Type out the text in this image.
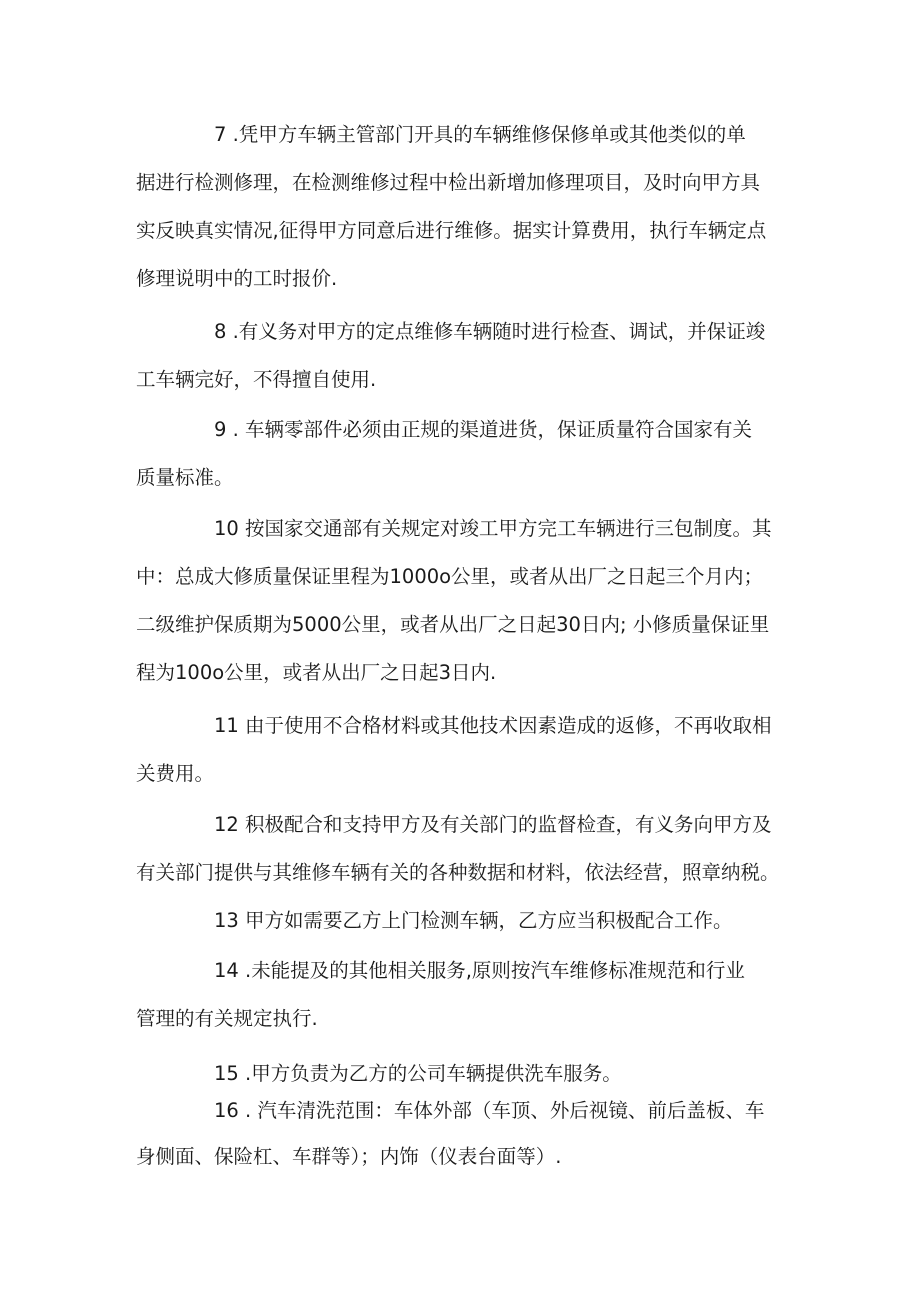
7 .凭甲方车辆主管部门开具的车辆维修保修单或其他类似的单
据进行检测修理，在检测维修过程中检出新增加修理项目，及时向甲方具
实反映真实情况,征得甲方同意后进行维修。据实计算费用，执行车辆定点
修理说明中的工时报价.
8 .有义务对甲方的定点维修车辆随时进行检查、调试，并保证竣
工车辆完好，不得擅自使用.
9 . 车辆零部件必须由正规的渠道进货，保证质量符合国家有关
质量标准。
10 按国家交通部有关规定对竣工甲方完工车辆进行三包制度。其
中：总成大修质量保证里程为1000o公里，或者从出厂之日起三个月内；
二级维护保质期为5000公里，或者从出厂之日起30日内; 小修质量保证里
程为100o公里，或者从出厂之日起3日内.
11 由于使用不合格材料或其他技术因素造成的返修，不再收取相
关费用。
12 积极配合和支持甲方及有关部门的监督检查，有义务向甲方及
有关部门提供与其维修车辆有关的各种数据和材料，依法经营，照章纳税。
13 甲方如需要乙方上门检测车辆，乙方应当积极配合工作。
14 .未能提及的其他相关服务,原则按汽车维修标准规范和行业
管理的有关规定执行.
15 .甲方负责为乙方的公司车辆提供洗车服务。
16 . 汽车清洗范围：车体外部（车顶、外后视镜、前后盖板、车
身侧面、保险杠、车群等）；内饰（仪表台面等）.
